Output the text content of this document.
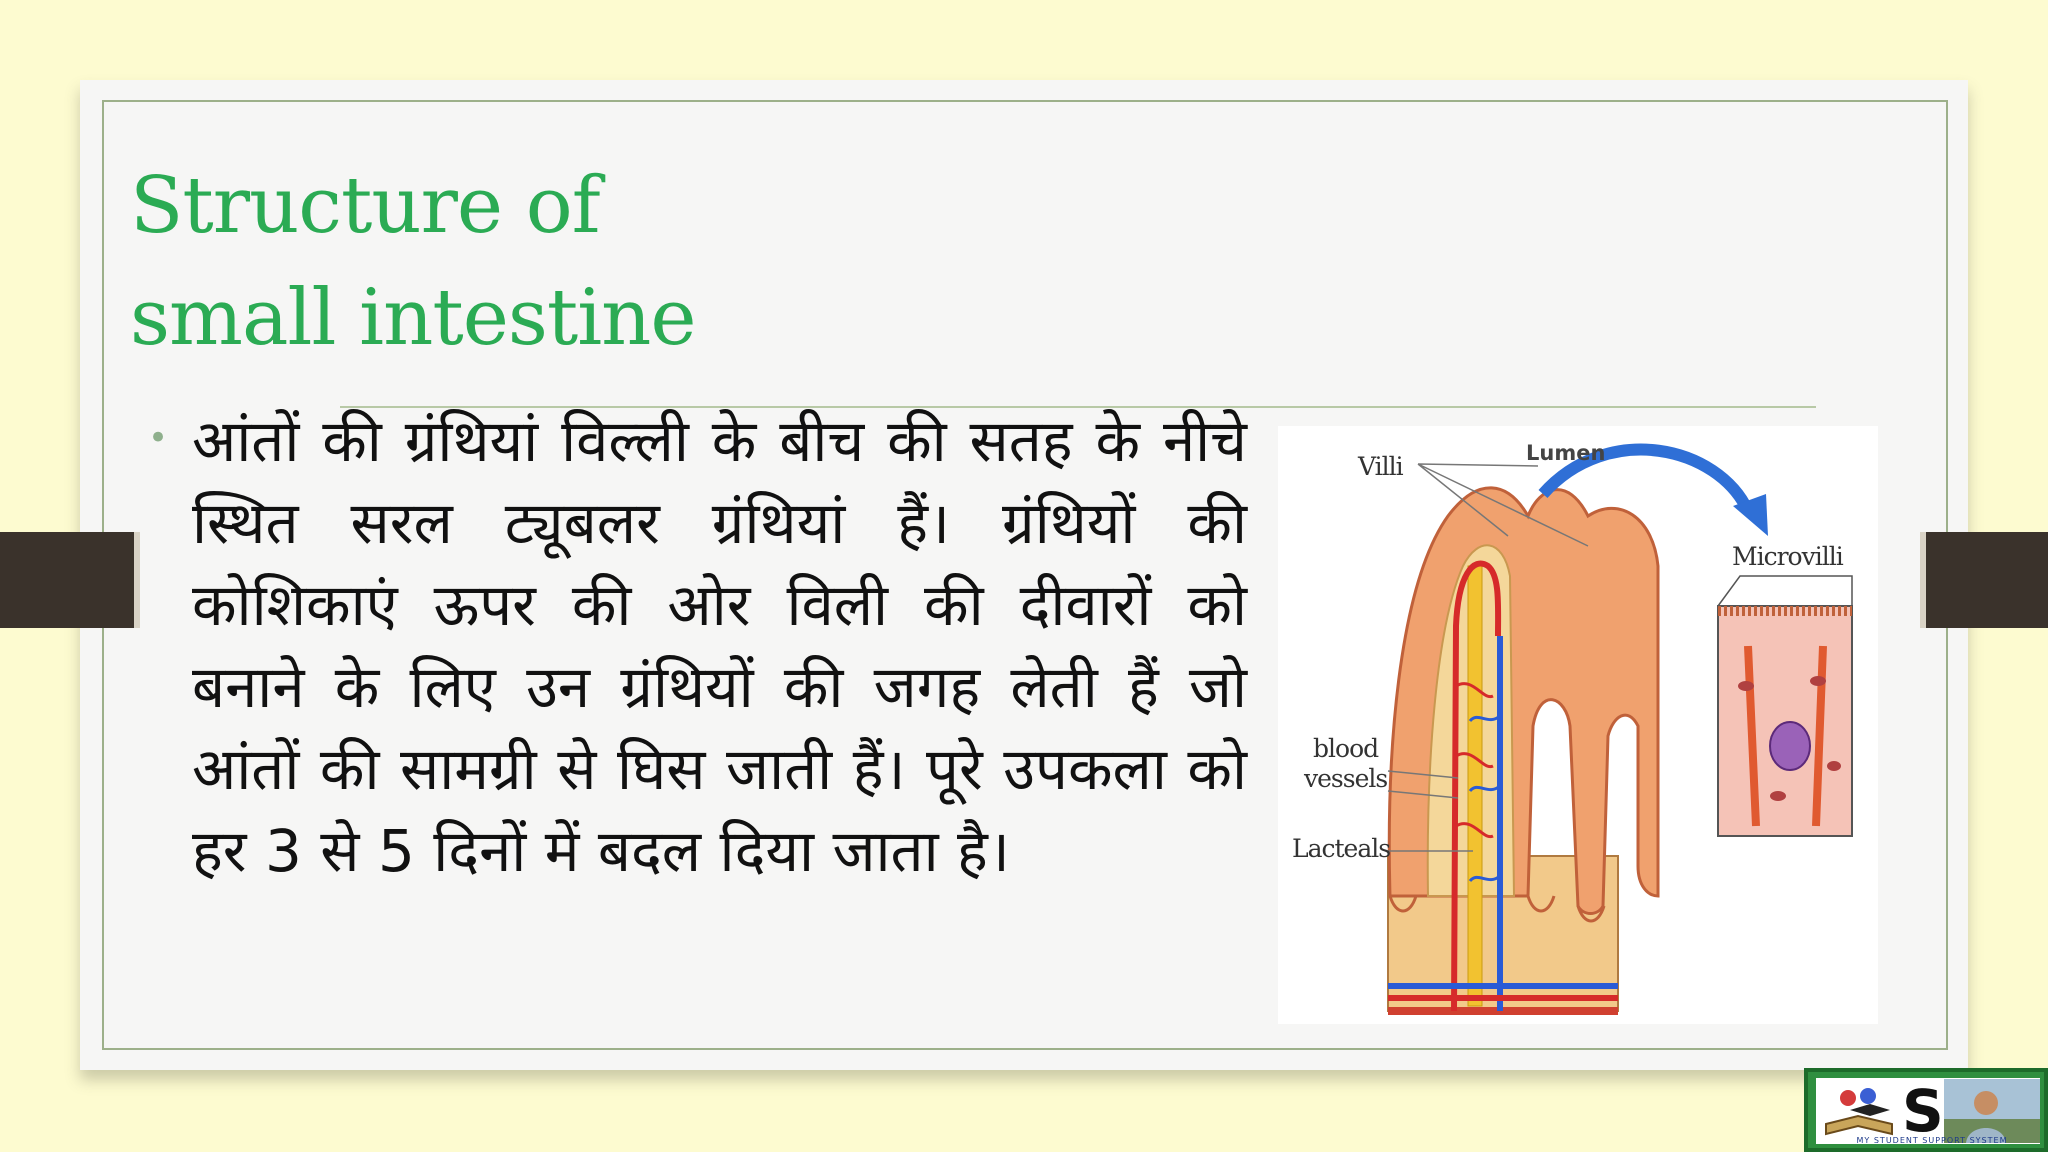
Structure of
small intestine
• आंतों की ग्रंथियां विल्ली के बीच की सतह के नीचे स्थित सरल ट्यूबलर ग्रंथियां हैं। ग्रंथियों की कोशिकाएं ऊपर की ओर विली की दीवारों को बनाने के लिए उन ग्रंथियों की जगह लेती हैं जो आंतों की सामग्री से घिस जाती हैं। पूरे उपकला को हर 3 से 5 दिनों में बदल दिया जाता है।

Lumen
Villi
Microvilli
blood
vessels
Lacteals
S
MY STUDENT SUPPORT SYSTEM
